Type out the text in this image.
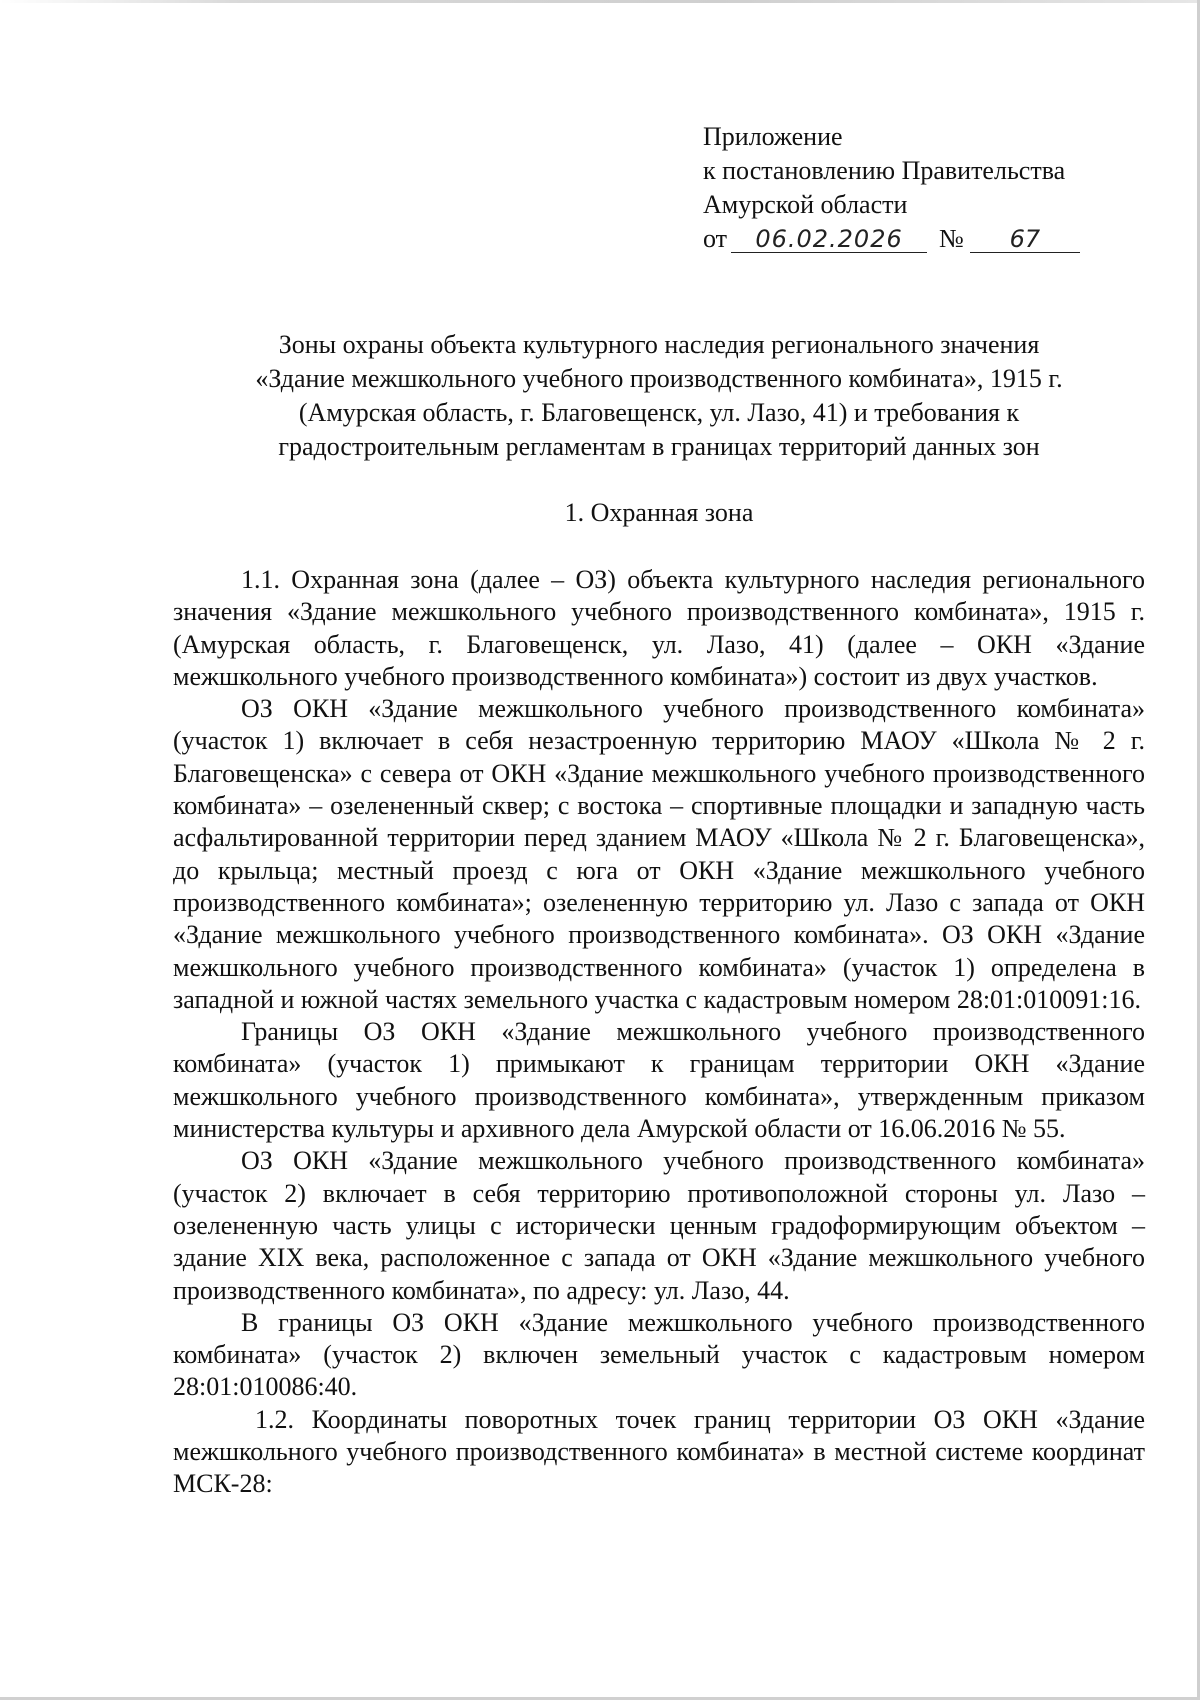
Приложение
к постановлению Правительства
Амурской области
от 06.02.2026 № 67
Зоны охраны объекта культурного наследия регионального значения
«Здание межшкольного учебного производственного комбината», 1915 г.
(Амурская область, г. Благовещенск, ул. Лазо, 41) и требования к
градостроительным регламентам в границах территорий данных зон
1. Охранная зона

1.1. Охранная зона (далее – ОЗ) объекта культурного наследия регионального значения «Здание межшкольного учебного производственного комбината», 1915 г. (Амурская область, г. Благовещенск, ул. Лазо, 41) (далее – ОКН «Здание межшкольного учебного производственного комбината») состоит из двух участков.

ОЗ ОКН «Здание межшкольного учебного производственного комбината» (участок 1) включает в себя незастроенную территорию МАОУ «Школа № 2 г. Благовещенска» с севера от ОКН «Здание межшкольного учебного производственного комбината» – озелененный сквер; с востока – спортивные площадки и западную часть асфальтированной территории перед зданием МАОУ «Школа № 2 г. Благовещенска», до крыльца; местный проезд с юга от ОКН «Здание межшкольного учебного производственного комбината»; озелененную территорию ул. Лазо с запада от ОКН «Здание межшкольного учебного производственного комбината». ОЗ ОКН «Здание межшкольного учебного производственного комбината» (участок 1) определена в западной и южной частях земельного участка с кадастровым номером 28:01:010091:16.

Границы ОЗ ОКН «Здание межшкольного учебного производственного комбината» (участок 1) примыкают к границам территории ОКН «Здание межшкольного учебного производственного комбината», утвержденным приказом министерства культуры и архивного дела Амурской области от 16.06.2016 № 55.

ОЗ ОКН «Здание межшкольного учебного производственного комбината» (участок 2) включает в себя территорию противоположной стороны ул. Лазо – озелененную часть улицы с исторически ценным градоформирующим объектом – здание XIX века, расположенное с запада от ОКН «Здание межшкольного учебного производственного комбината», по адресу: ул. Лазо, 44.

В границы ОЗ ОКН «Здание межшкольного учебного производственного комбината» (участок 2) включен земельный участок с кадастровым номером 28:01:010086:40.

1.2. Координаты поворотных точек границ территории ОЗ ОКН «Здание межшкольного учебного производственного комбината» в местной системе координат МСК-28:
